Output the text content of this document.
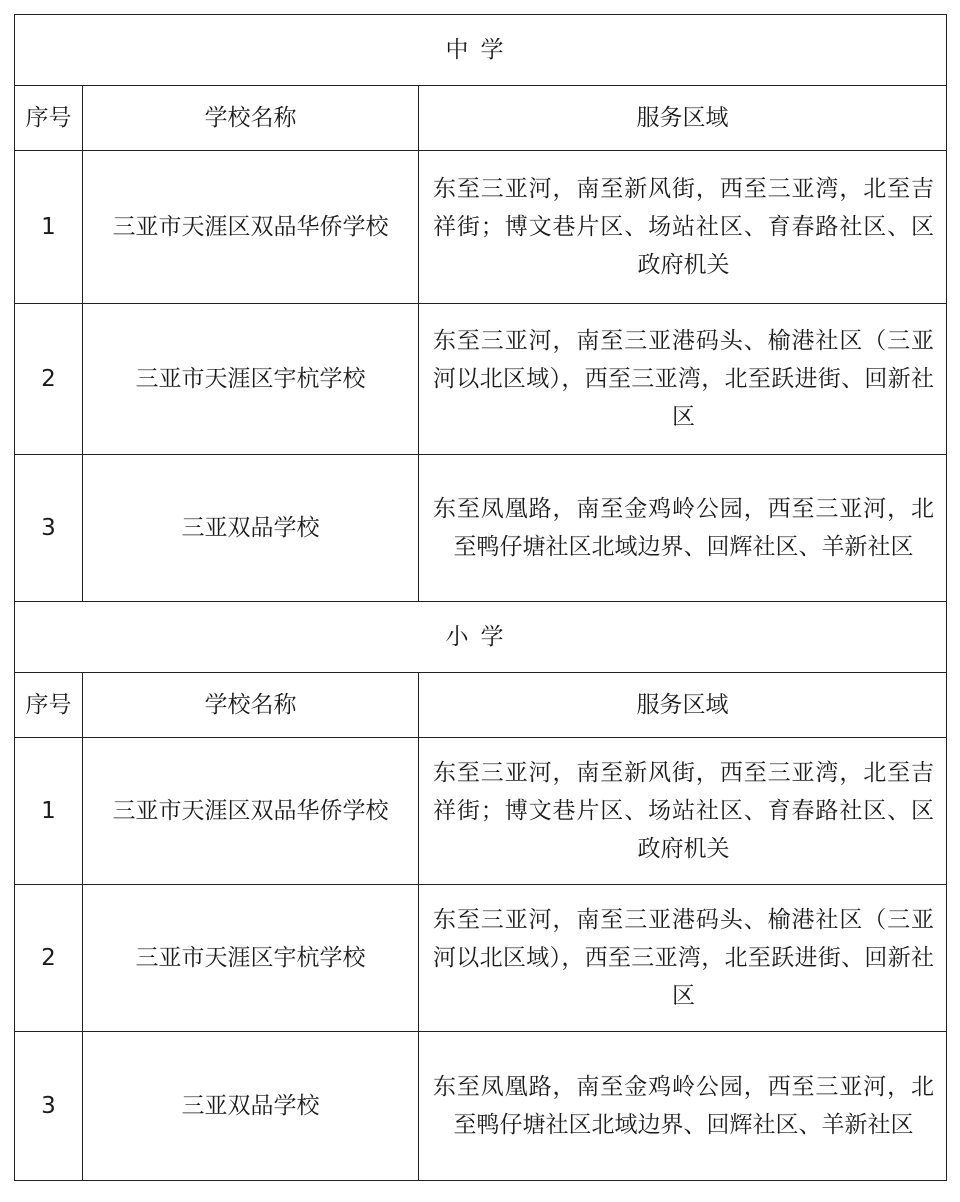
中学		
序号	学校名称	服务区域
1	三亚市天涯区双品华侨学校	东至三亚河，南至新风街，西至三亚湾，北至吉祥街；博文巷片区、场站社区、育春路社区、区政府机关
2	三亚市天涯区宇杭学校	东至三亚河，南至三亚港码头、榆港社区（三亚河以北区域），西至三亚湾，北至跃进街、回新社区
3	三亚双品学校	东至凤凰路，南至金鸡岭公园，西至三亚河，北至鸭仔塘社区北域边界、回辉社区、羊新社区
小学		
序号	学校名称	服务区域
1	三亚市天涯区双品华侨学校	东至三亚河，南至新风街，西至三亚湾，北至吉祥街；博文巷片区、场站社区、育春路社区、区政府机关
2	三亚市天涯区宇杭学校	东至三亚河，南至三亚港码头、榆港社区（三亚河以北区域），西至三亚湾，北至跃进街、回新社区
3	三亚双品学校	东至凤凰路，南至金鸡岭公园，西至三亚河，北至鸭仔塘社区北域边界、回辉社区、羊新社区
